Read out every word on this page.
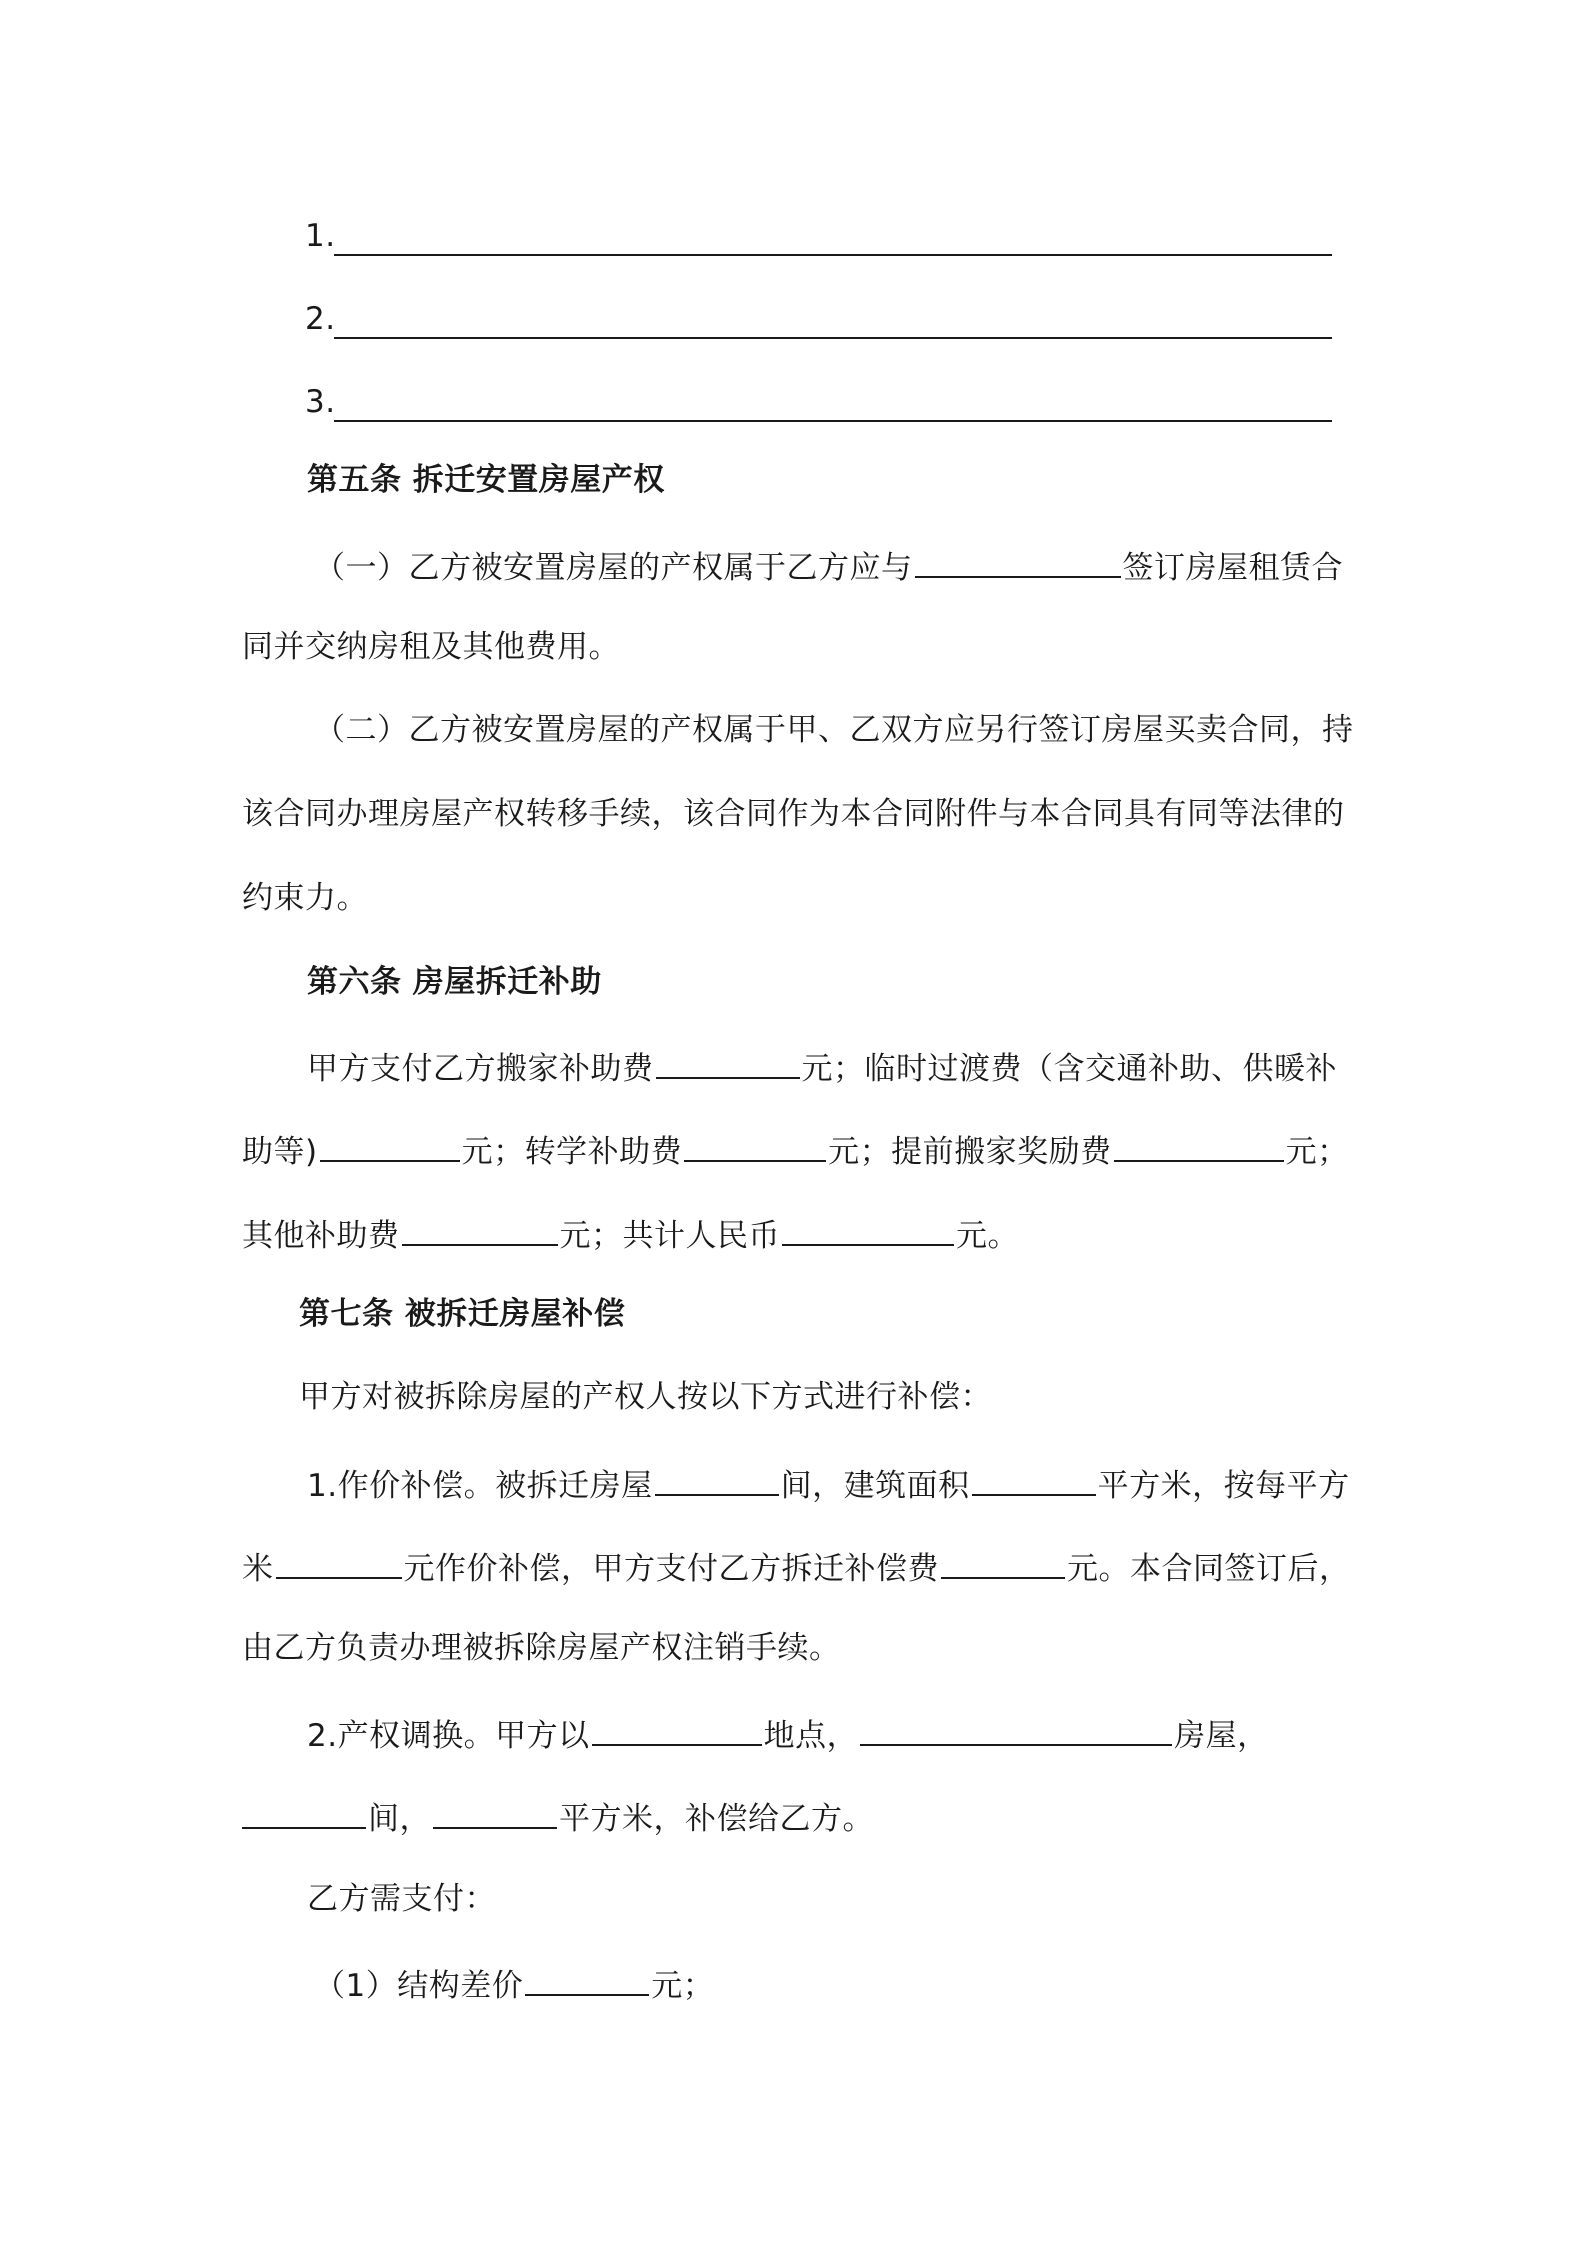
1.
2.
3.
第五条 拆迁安置房屋产权
（一）乙方被安置房屋的产权属于乙方应与	签订房屋租赁合
同并交纳房租及其他费用。
（二）乙方被安置房屋的产权属于甲、乙双方应另行签订房屋买卖合同，持
该合同办理房屋产权转移手续，该合同作为本合同附件与本合同具有同等法律的
约束力。
第六条 房屋拆迁补助
甲方支付乙方搬家补助费	元；临时过渡费（含交通补助、供暖补
助等)	元；转学补助费	元；提前搬家奖励费	元；
其他补助费	元；共计人民币	元。
第七条 被拆迁房屋补偿
甲方对被拆除房屋的产权人按以下方式进行补偿：
1.作价补偿。被拆迁房屋	间，建筑面积	平方米，按每平方
米	元作价补偿，甲方支付乙方拆迁补偿费	元。本合同签订后，
由乙方负责办理被拆除房屋产权注销手续。
2.产权调换。甲方以	地点，	房屋，
间，	平方米，补偿给乙方。
乙方需支付：
（1）结构差价	元；
